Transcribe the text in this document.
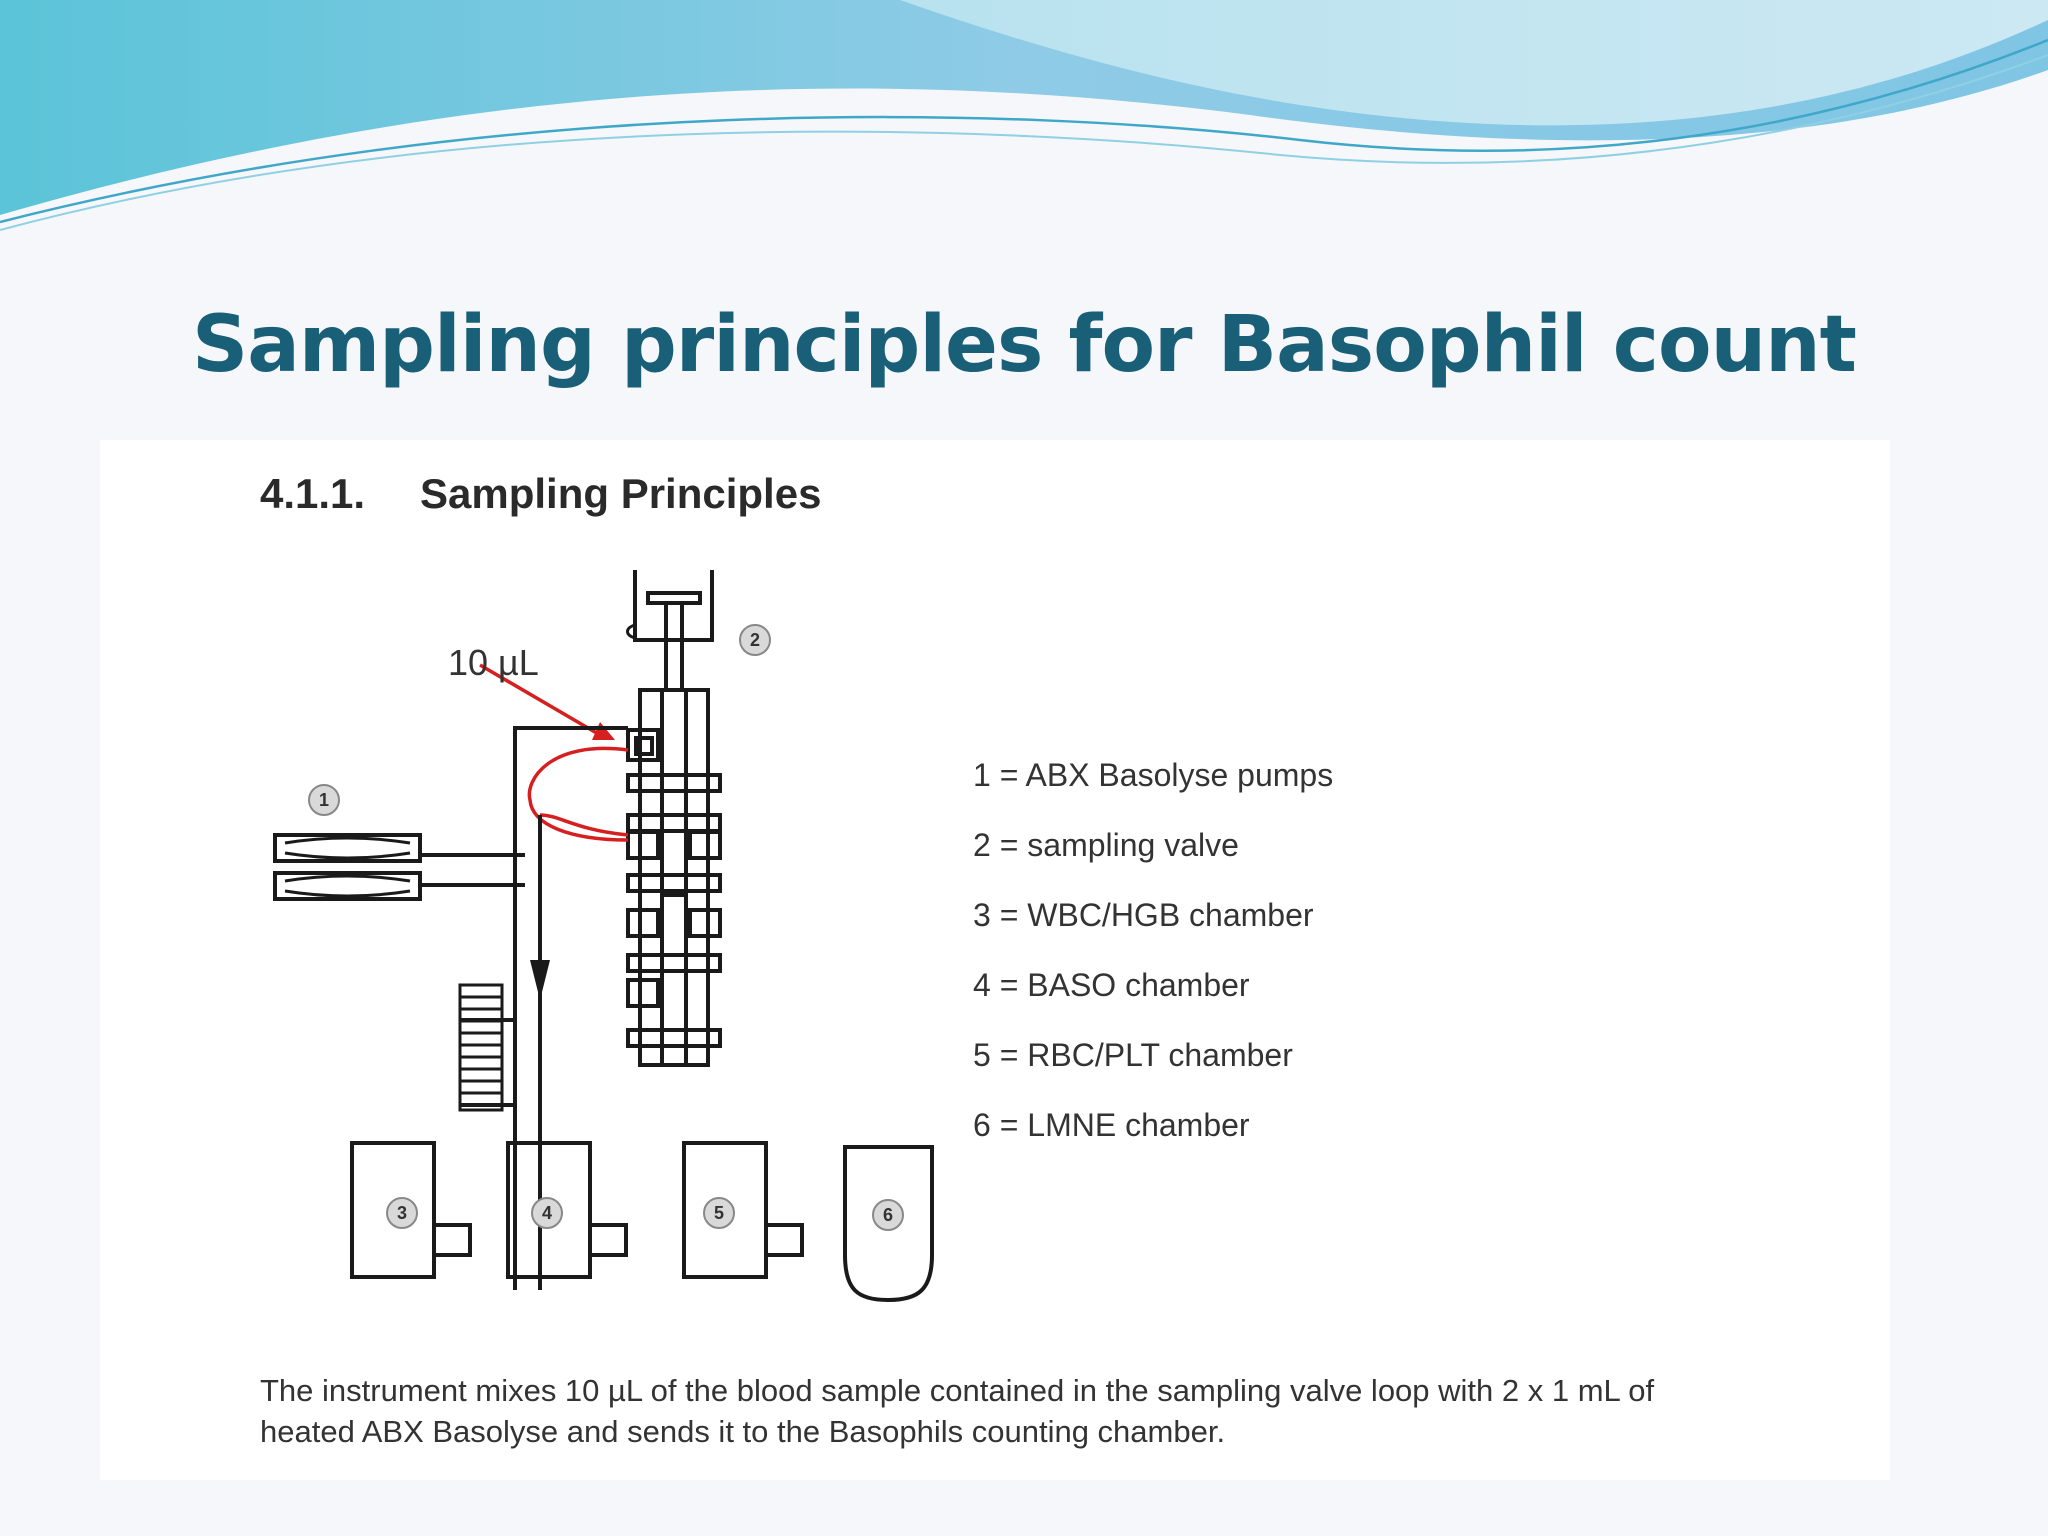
Sampling principles for Basophil count
4.1.1. Sampling Principles
10 µL
1
2
3	4	5	6
1 = ABX Basolyse pumps
2 = sampling valve
3 = WBC/HGB chamber
4 = BASO chamber
5 = RBC/PLT chamber
6 = LMNE chamber

The instrument mixes 10 µL of the blood sample contained in the sampling valve loop with 2 x 1 mL of
heated ABX Basolyse and sends it to the Basophils counting chamber.
